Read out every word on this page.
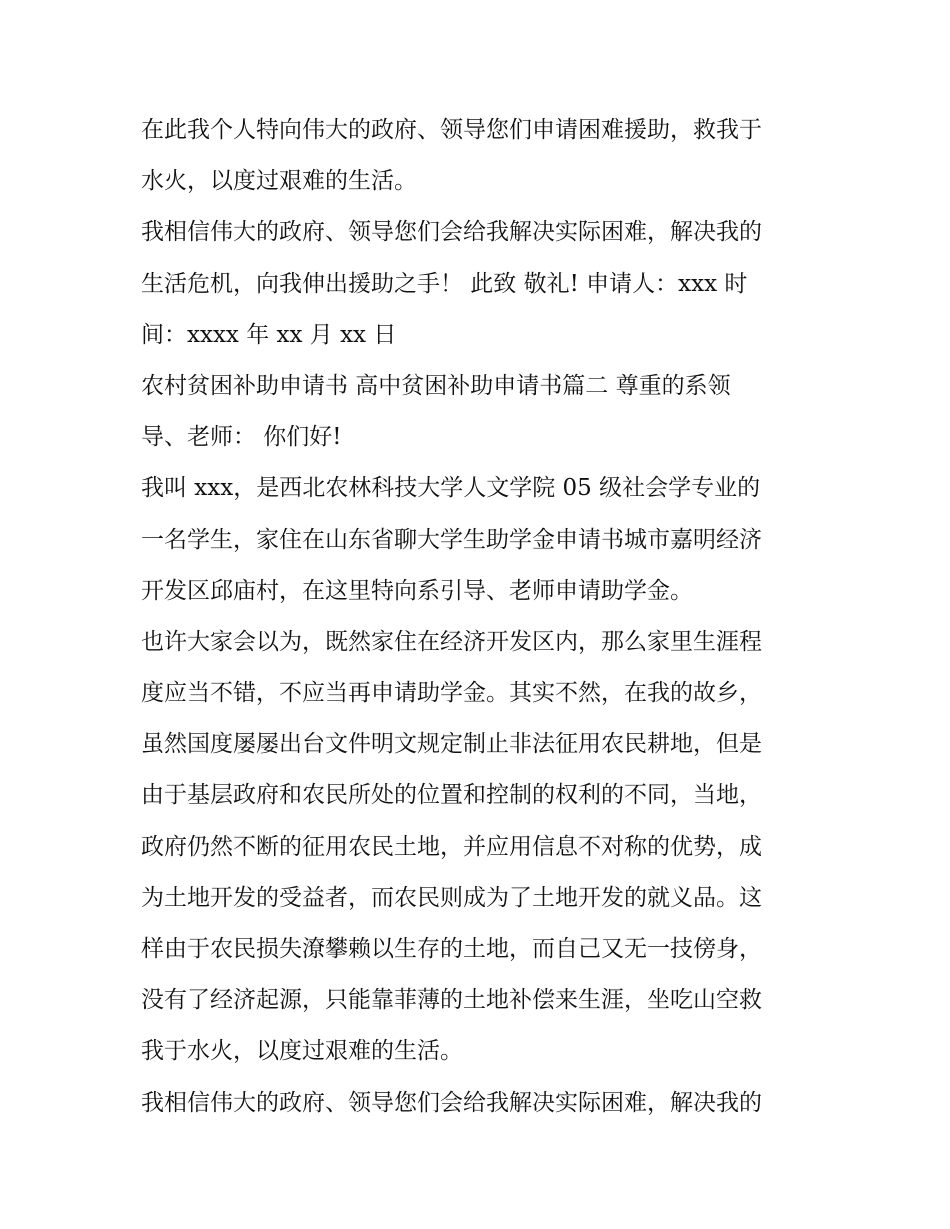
在此我个人特向伟大的政府、领导您们申请困难援助，救我于
水火，以度过艰难的生活。
我相信伟大的政府、领导您们会给我解决实际困难，解决我的
生活危机，向我伸出援助之手！ 此致 敬礼! 申请人：xxx 时
间：xxxx 年 xx 月 xx 日
农村贫困补助申请书 高中贫困补助申请书篇二 尊重的系领
导、老师： 你们好!
我叫 xxx，是西北农林科技大学人文学院 05 级社会学专业的
一名学生，家住在山东省聊大学生助学金申请书城市嘉明经济
开发区邱庙村，在这里特向系引导、老师申请助学金。
也许大家会以为，既然家住在经济开发区内，那么家里生涯程
度应当不错，不应当再申请助学金。其实不然，在我的故乡，
虽然国度屡屡出台文件明文规定制止非法征用农民耕地，但是
由于基层政府和农民所处的位置和控制的权利的不同，当地，
政府仍然不断的征用农民土地，并应用信息不对称的优势，成
为土地开发的受益者，而农民则成为了土地开发的就义品。这
样由于农民损失潦攀赖以生存的土地，而自己又无一技傍身，
没有了经济起源，只能靠菲薄的土地补偿来生涯，坐吃山空救
我于水火，以度过艰难的生活。
我相信伟大的政府、领导您们会给我解决实际困难，解决我的
